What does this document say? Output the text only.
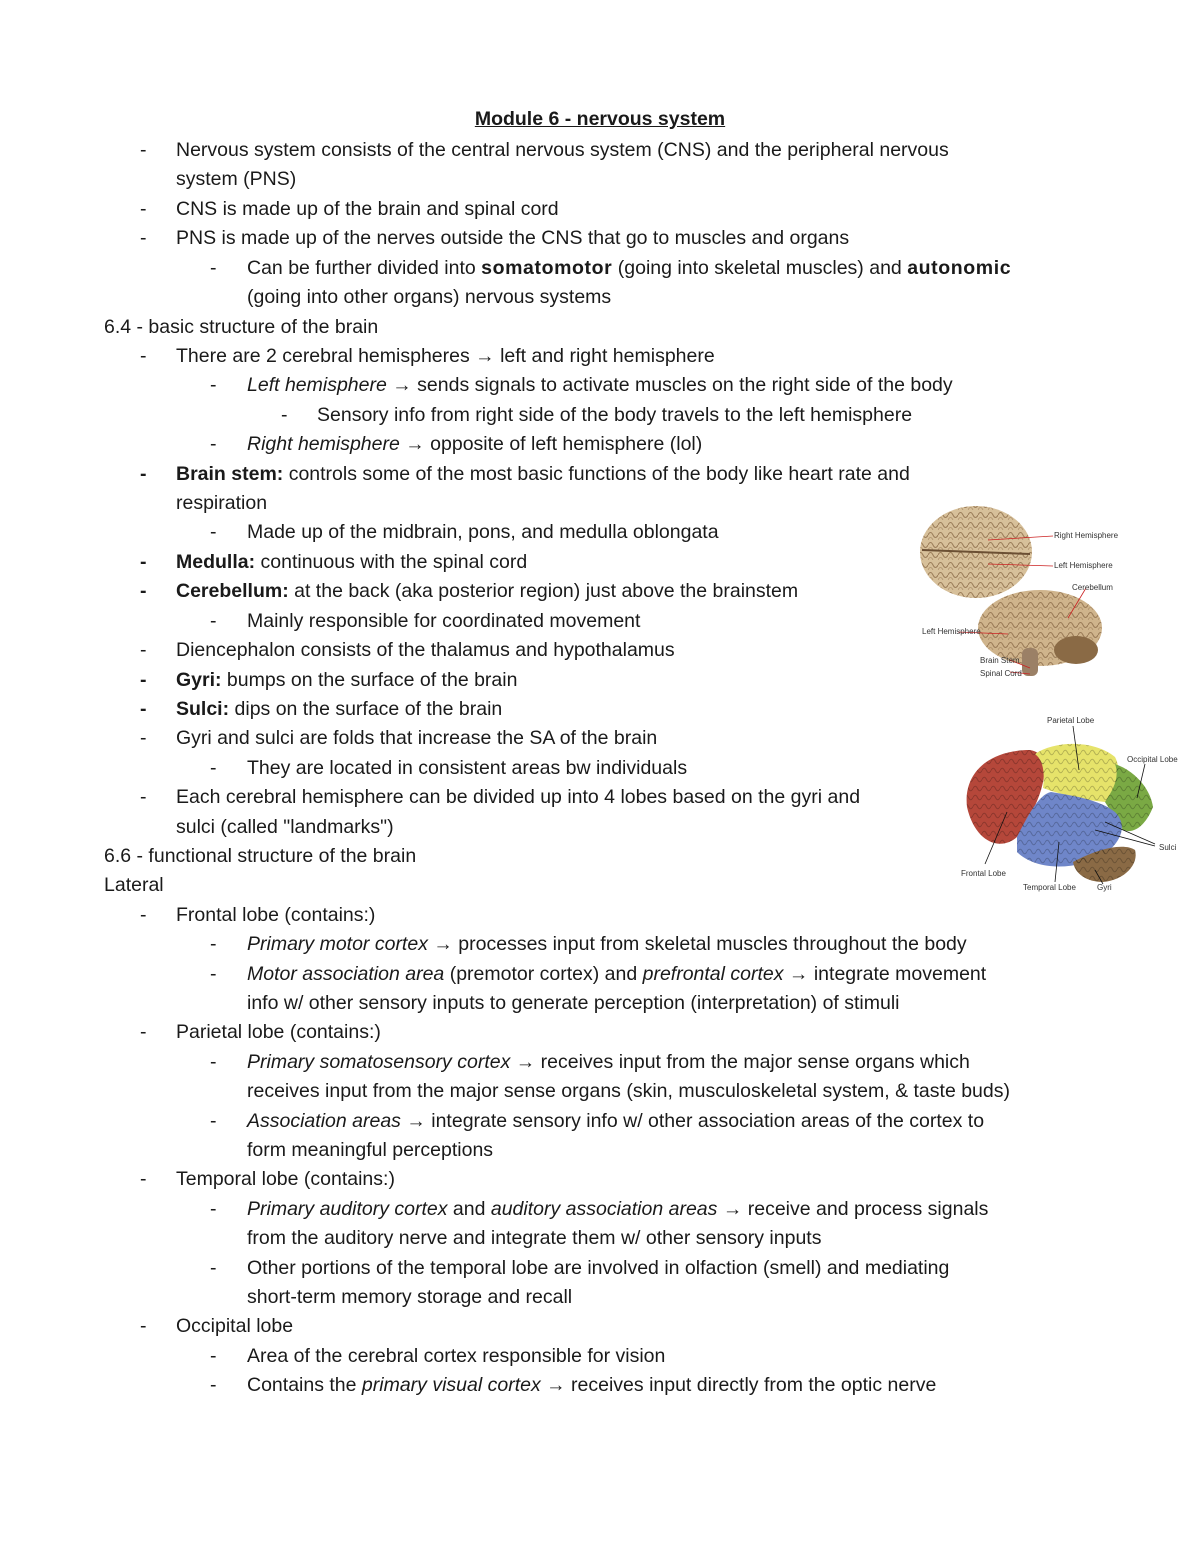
Module 6 - nervous system
- Nervous system consists of the central nervous system (CNS) and the peripheral nervous
system (PNS)
- CNS is made up of the brain and spinal cord
- PNS is made up of the nerves outside the CNS that go to muscles and organs
- Can be further divided into somatomotor (going into skeletal muscles) and autonomic
(going into other organs) nervous systems
6.4 - basic structure of the brain
- There are 2 cerebral hemispheres → left and right hemisphere
- Left hemisphere → sends signals to activate muscles on the right side of the body
- Sensory info from right side of the body travels to the left hemisphere
- Right hemisphere → opposite of left hemisphere (lol)
- Brain stem: controls some of the most basic functions of the body like heart rate and
respiration
- Made up of the midbrain, pons, and medulla oblongata
- Medulla: continuous with the spinal cord
- Cerebellum: at the back (aka posterior region) just above the brainstem
- Mainly responsible for coordinated movement
- Diencephalon consists of the thalamus and hypothalamus
- Gyri: bumps on the surface of the brain
- Sulci: dips on the surface of the brain
- Gyri and sulci are folds that increase the SA of the brain
- They are located in consistent areas bw individuals
- Each cerebral hemisphere can be divided up into 4 lobes based on the gyri and
sulci (called "landmarks")
6.6 - functional structure of the brain
Lateral
- Frontal lobe (contains:)
- Primary motor cortex → processes input from skeletal muscles throughout the body
- Motor association area (premotor cortex) and prefrontal cortex → integrate movement
info w/ other sensory inputs to generate perception (interpretation) of stimuli
- Parietal lobe (contains:)
- Primary somatosensory cortex → receives input from the major sense organs which
receives input from the major sense organs (skin, musculoskeletal system, & taste buds)
- Association areas → integrate sensory info w/ other association areas of the cortex to
form meaningful perceptions
- Temporal lobe (contains:)
- Primary auditory cortex and auditory association areas → receive and process signals
from the auditory nerve and integrate them w/ other sensory inputs
- Other portions of the temporal lobe are involved in olfaction (smell) and mediating
short-term memory storage and recall
- Occipital lobe
- Area of the cerebral cortex responsible for vision
- Contains the primary visual cortex → receives input directly from the optic nerve
Right Hemisphere
Left Hemisphere
Cerebellum
Left Hemisphere
Brain Stem
Spinal Cord
Parietal Lobe
Occipital Lobe
Sulci
Frontal Lobe
Temporal Lobe	Gyri
